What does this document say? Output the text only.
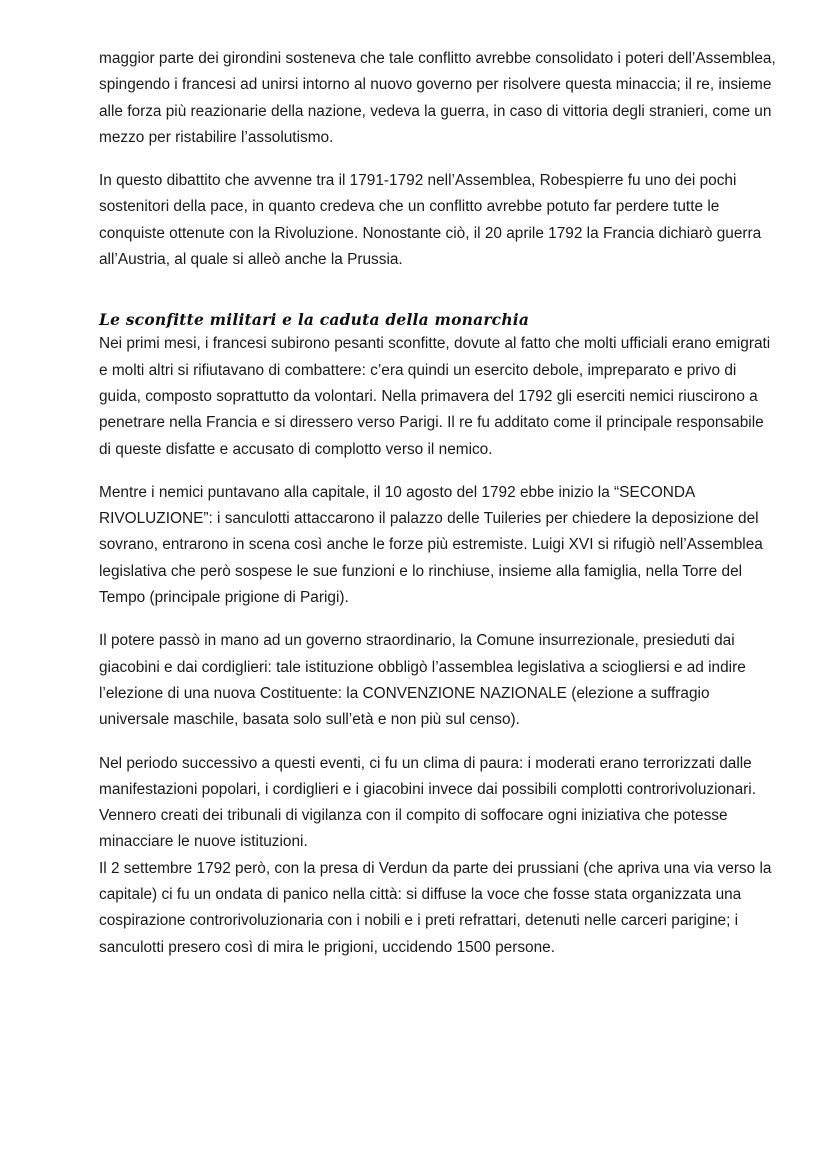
maggior parte dei girondini sosteneva che tale conflitto avrebbe consolidato i poteri dell’Assemblea, spingendo i francesi ad unirsi intorno al nuovo governo per risolvere questa minaccia; il re, insieme alle forza più reazionarie della nazione, vedeva la guerra, in caso di vittoria degli stranieri, come un mezzo per ristabilire l’assolutismo.

In questo dibattito che avvenne tra il 1791-1792 nell’Assemblea, Robespierre fu uno dei pochi sostenitori della pace, in quanto credeva che un conflitto avrebbe potuto far perdere tutte le conquiste ottenute con la Rivoluzione. Nonostante ciò, il 20 aprile 1792 la Francia dichiarò guerra all’Austria, al quale si alleò anche la Prussia.

Le sconfitte militari e la caduta della monarchia

Nei primi mesi, i francesi subirono pesanti sconfitte, dovute al fatto che molti ufficiali erano emigrati e molti altri si rifiutavano di combattere: c’era quindi un esercito debole, impreparato e privo di guida, composto soprattutto da volontari. Nella primavera del 1792 gli eserciti nemici riuscirono a penetrare nella Francia e si diressero verso Parigi. Il re fu additato come il principale responsabile di queste disfatte e accusato di complotto verso il nemico.

Mentre i nemici puntavano alla capitale, il 10 agosto del 1792 ebbe inizio la “SECONDA RIVOLUZIONE”: i sanculotti attaccarono il palazzo delle Tuileries per chiedere la deposizione del sovrano, entrarono in scena così anche le forze più estremiste. Luigi XVI si rifugiò nell’Assemblea legislativa che però sospese le sue funzioni e lo rinchiuse, insieme alla famiglia, nella Torre del Tempo (principale prigione di Parigi).

Il potere passò in mano ad un governo straordinario, la Comune insurrezionale, presieduti dai giacobini e dai cordiglieri: tale istituzione obbligò l’assemblea legislativa a sciogliersi e ad indire l’elezione di una nuova Costituente: la CONVENZIONE NAZIONALE (elezione a suffragio universale maschile, basata solo sull’età e non più sul censo).

Nel periodo successivo a questi eventi, ci fu un clima di paura: i moderati erano terrorizzati dalle manifestazioni popolari, i cordiglieri e i giacobini invece dai possibili complotti controrivoluzionari. Vennero creati dei tribunali di vigilanza con il compito di soffocare ogni iniziativa che potesse minacciare le nuove istituzioni.

Il 2 settembre 1792 però, con la presa di Verdun da parte dei prussiani (che apriva una via verso la capitale) ci fu un ondata di panico nella città: si diffuse la voce che fosse stata organizzata una cospirazione controrivoluzionaria con i nobili e i preti refrattari, detenuti nelle carceri parigine; i sanculotti presero così di mira le prigioni, uccidendo 1500 persone.
